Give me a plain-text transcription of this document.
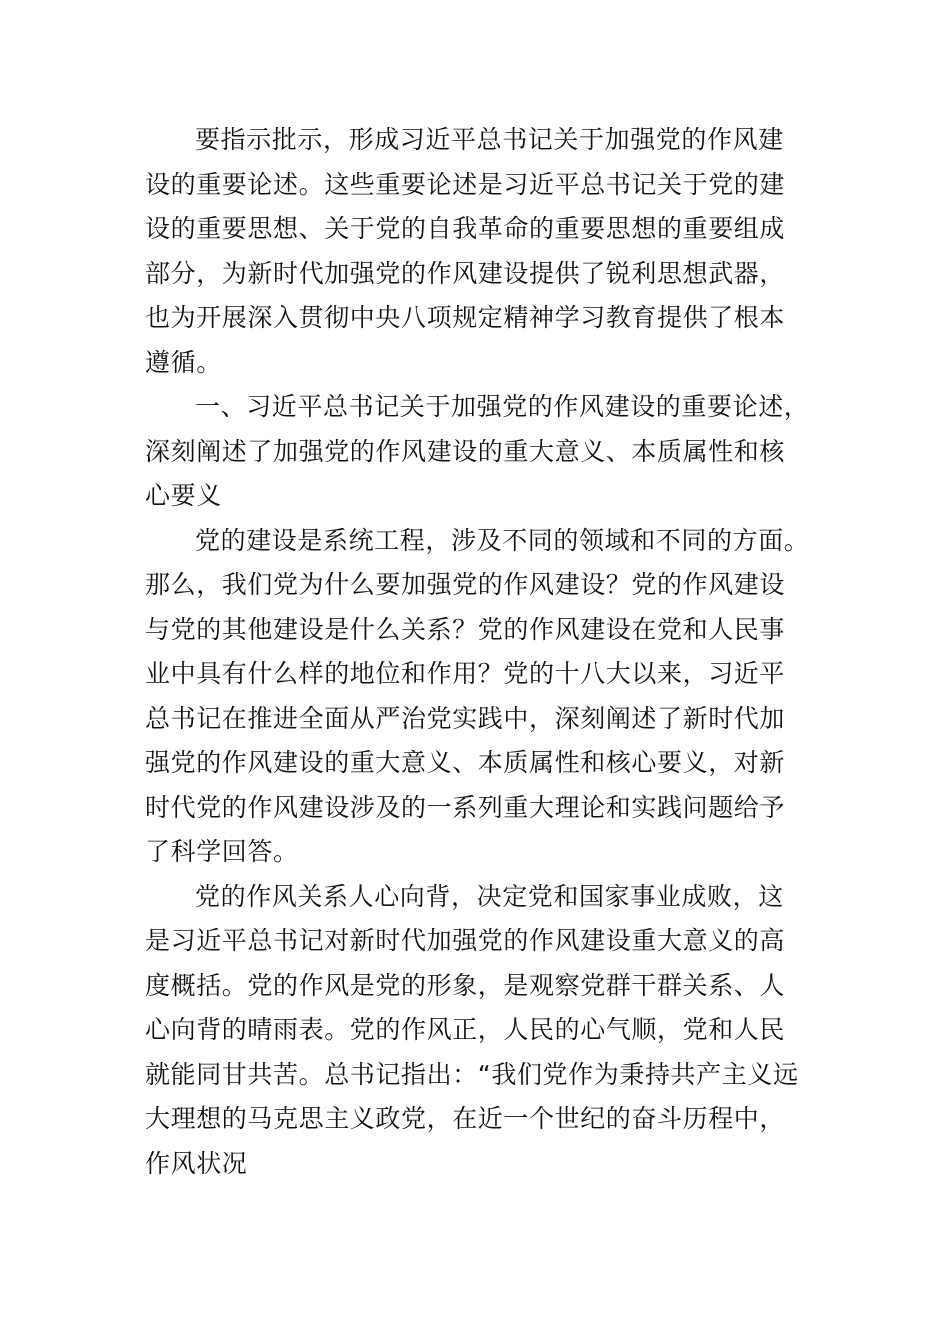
要指示批示，形成习近平总书记关于加强党的作风建
设的重要论述。这些重要论述是习近平总书记关于党的建
设的重要思想、关于党的自我革命的重要思想的重要组成
部分，为新时代加强党的作风建设提供了锐利思想武器，
也为开展深入贯彻中央八项规定精神学习教育提供了根本
遵循。
一、习近平总书记关于加强党的作风建设的重要论述，
深刻阐述了加强党的作风建设的重大意义、本质属性和核
心要义
党的建设是系统工程，涉及不同的领域和不同的方面。
那么，我们党为什么要加强党的作风建设？党的作风建设
与党的其他建设是什么关系？党的作风建设在党和人民事
业中具有什么样的地位和作用？党的十八大以来，习近平
总书记在推进全面从严治党实践中，深刻阐述了新时代加
强党的作风建设的重大意义、本质属性和核心要义，对新
时代党的作风建设涉及的一系列重大理论和实践问题给予
了科学回答。
党的作风关系人心向背，决定党和国家事业成败，这
是习近平总书记对新时代加强党的作风建设重大意义的高
度概括。党的作风是党的形象，是观察党群干群关系、人
心向背的晴雨表。党的作风正，人民的心气顺，党和人民
就能同甘共苦。总书记指出：“我们党作为秉持共产主义远
大理想的马克思主义政党，在近一个世纪的奋斗历程中，
作风状况
